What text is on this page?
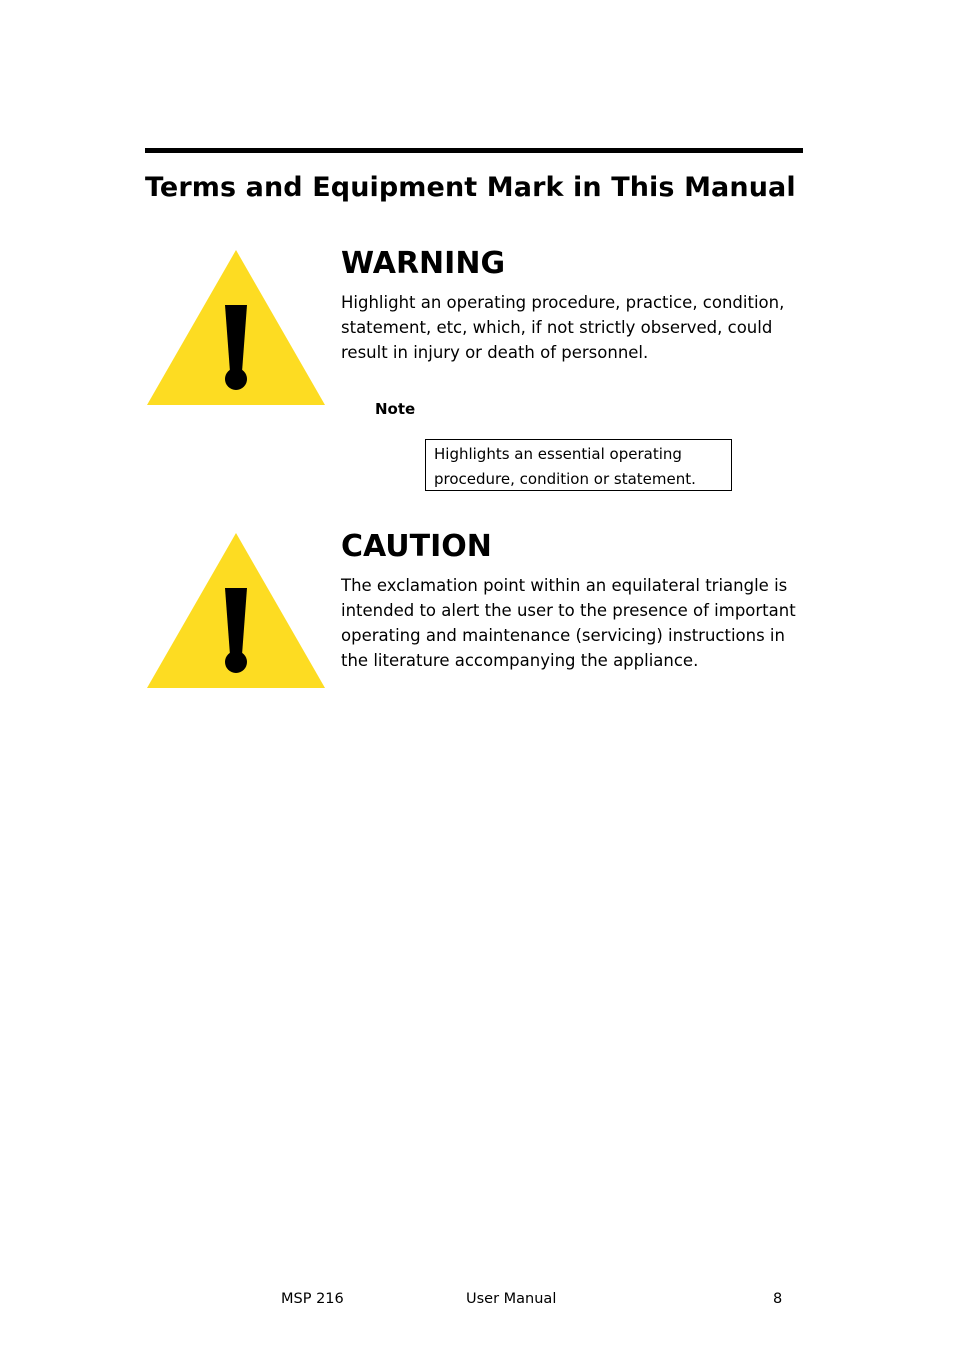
Terms and Equipment Mark in This Manual
WARNING

Highlight an operating procedure, practice, condition, statement, etc, which, if not strictly observed, could result in injury or death of personnel.

Note

Highlights an essential operating procedure, condition or statement.

CAUTION

The exclamation point within an equilateral triangle is intended to alert the user to the presence of important operating and maintenance (servicing) instructions in the literature accompanying the appliance.

MSP 216	User Manual	8
